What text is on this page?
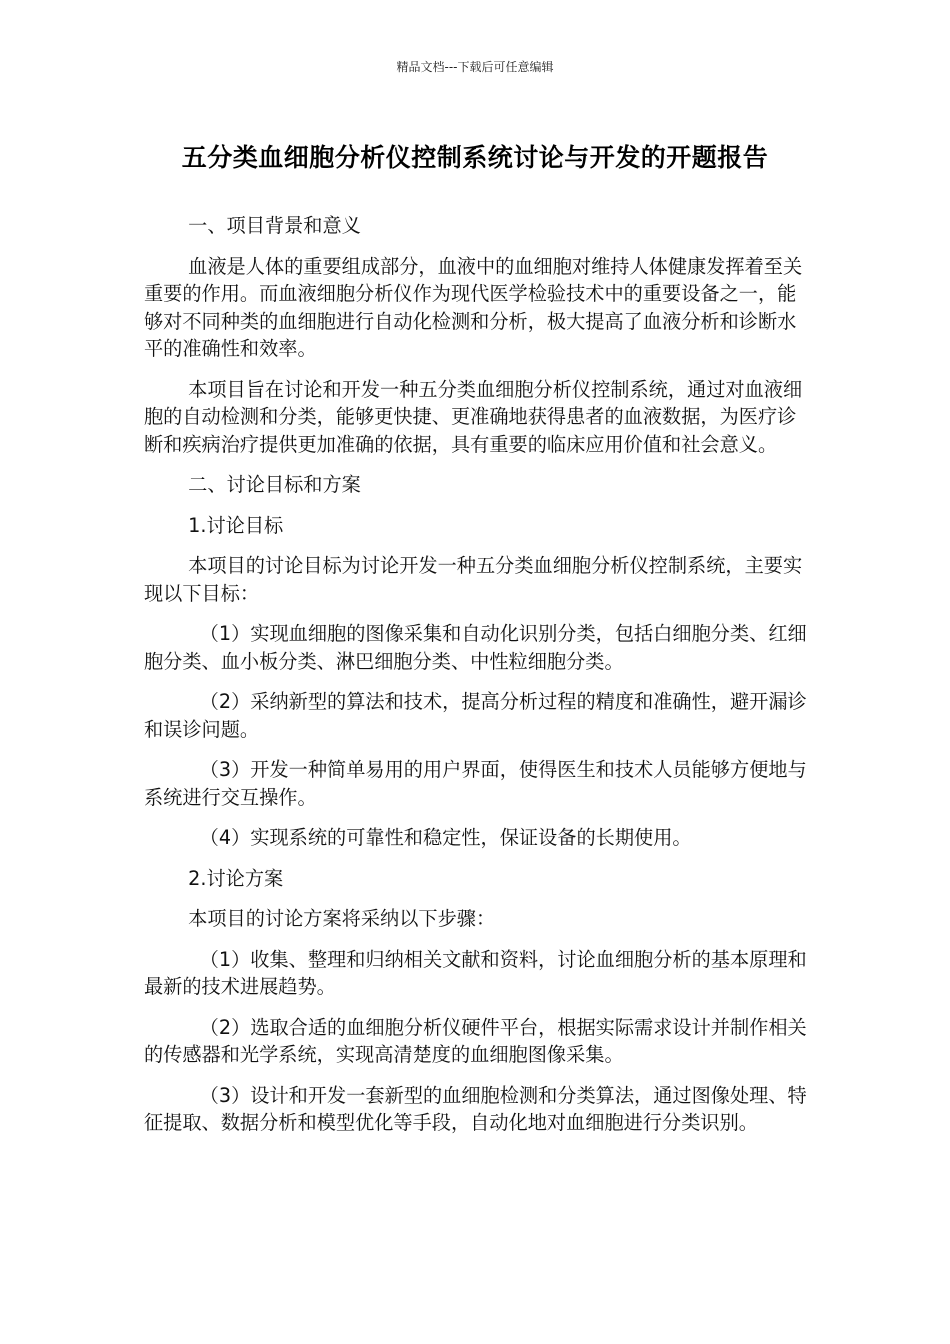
精品文档---下载后可任意编辑
五分类血细胞分析仪控制系统讨论与开发的开题报告

一、项目背景和意义

血液是人体的重要组成部分，血液中的血细胞对维持人体健康发挥着至关重要的作用。而血液细胞分析仪作为现代医学检验技术中的重要设备之一，能够对不同种类的血细胞进行自动化检测和分析，极大提高了血液分析和诊断水平的准确性和效率。

本项目旨在讨论和开发一种五分类血细胞分析仪控制系统，通过对血液细胞的自动检测和分类，能够更快捷、更准确地获得患者的血液数据，为医疗诊断和疾病治疗提供更加准确的依据，具有重要的临床应用价值和社会意义。

二、讨论目标和方案

1.讨论目标

本项目的讨论目标为讨论开发一种五分类血细胞分析仪控制系统，主要实现以下目标：

（1）实现血细胞的图像采集和自动化识别分类，包括白细胞分类、红细胞分类、血小板分类、淋巴细胞分类、中性粒细胞分类。

（2）采纳新型的算法和技术，提高分析过程的精度和准确性，避开漏诊和误诊问题。

（3）开发一种简单易用的用户界面，使得医生和技术人员能够方便地与系统进行交互操作。

（4）实现系统的可靠性和稳定性，保证设备的长期使用。

2.讨论方案

本项目的讨论方案将采纳以下步骤：

（1）收集、整理和归纳相关文献和资料，讨论血细胞分析的基本原理和最新的技术进展趋势。

（2）选取合适的血细胞分析仪硬件平台，根据实际需求设计并制作相关的传感器和光学系统，实现高清楚度的血细胞图像采集。

（3）设计和开发一套新型的血细胞检测和分类算法，通过图像处理、特征提取、数据分析和模型优化等手段，自动化地对血细胞进行分类识别。
